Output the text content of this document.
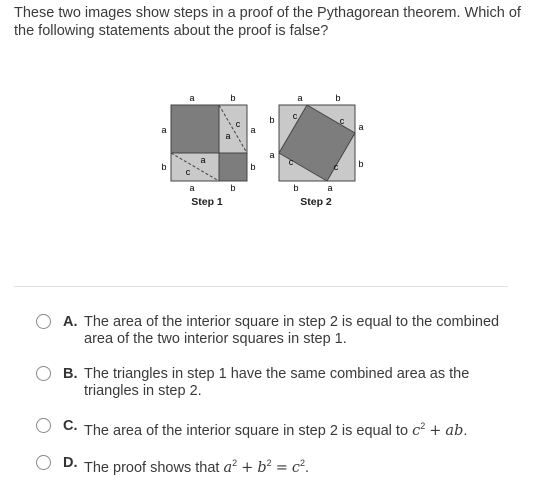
These two images show steps in a proof of the Pythagorean theorem. Which of the following statements about the proof is false?
a	b
a	b
a
b
a
b
c
a
a
c
Step 1
a	b
b	a
b
a
a
b
c	c
c	c
Step 2
A. The area of the interior square in step 2 is equal to the combined area of the two interior squares in step 1.
B. The triangles in step 1 have the same combined area as the triangles in step 2.
C. The area of the interior square in step 2 is equal to $c^2$ + ab.
D. The proof shows that $a^2 + b^2 = c^2$.
